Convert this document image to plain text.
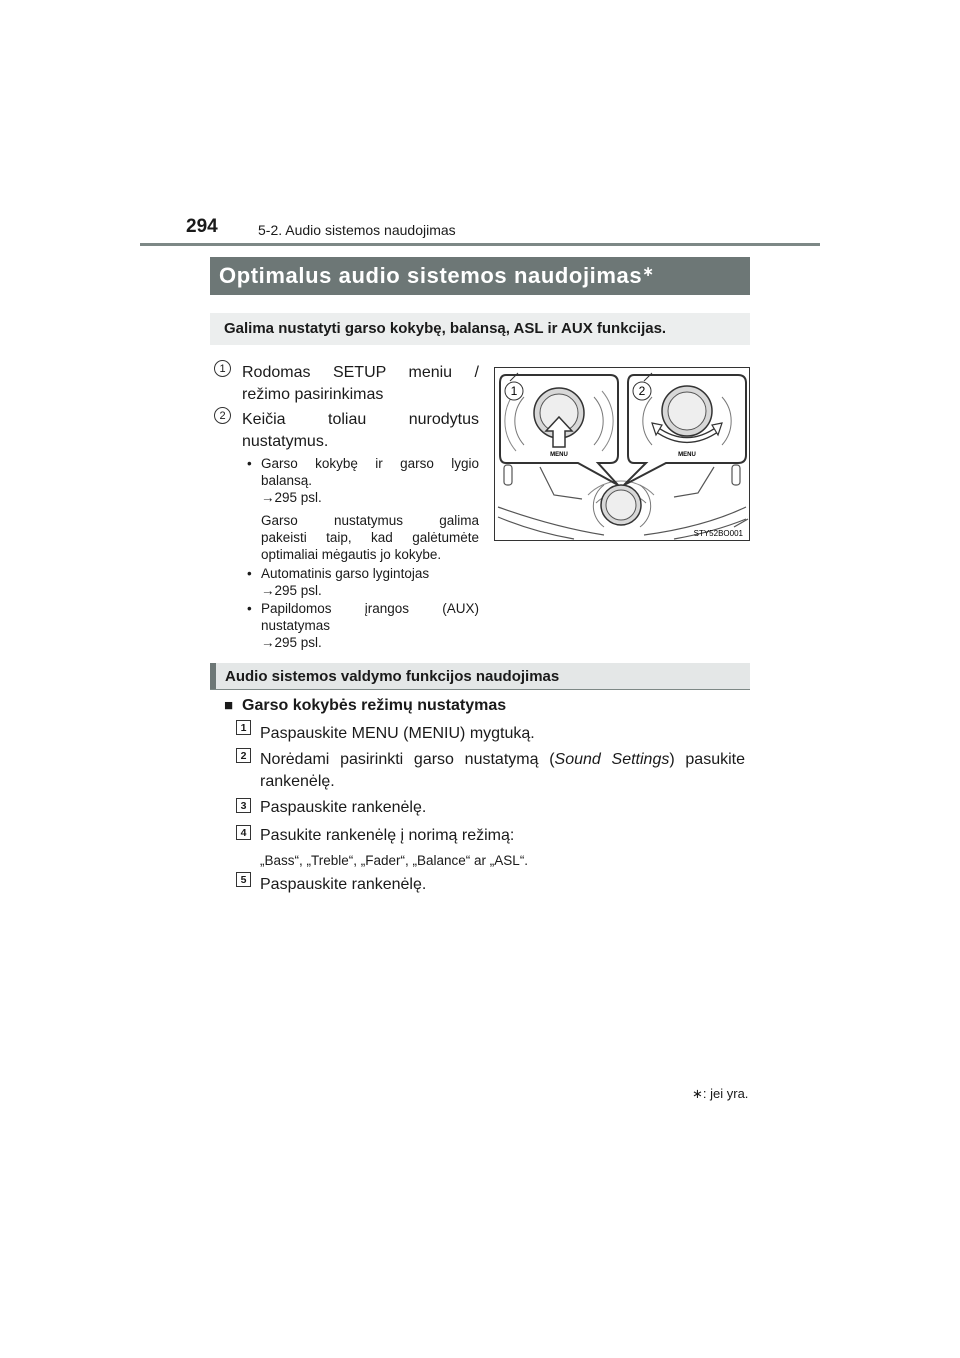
294	5-2. Audio sistemos naudojimas
Optimalus audio sistemos naudojimas∗
Galima nustatyti garso kokybę, balansą, ASL ir AUX funkcijas.
1	Rodomas SETUP meniu /
režimo pasirinkimas
2	Keičia toliau nurodytus
nustatymus.
• Garso kokybę ir garso lygio
balansą.
→295 psl.
Garso nustatymus galima
pakeisti taip, kad galėtumėte
optimaliai mėgautis jo kokybe.
• Automatinis garso lygintojas
→295 psl.
• Papildomos įrangos (AUX)
nustatymas
→295 psl.
1	2
MENU	MENU
STY52BO001
Audio sistemos valdymo funkcijos naudojimas
■ Garso kokybės režimų nustatymas
1 Paspauskite MENU (MENIU) mygtuką.
2 Norėdami pasirinkti garso nustatymą (Sound Settings) pasukite
rankenėlę.
3 Paspauskite rankenėlę.
4 Pasukite rankenėlę į norimą režimą:
„Bass“, „Treble“, „Fader“, „Balance“ ar „ASL“.
5 Paspauskite rankenėlę.
∗: jei yra.
